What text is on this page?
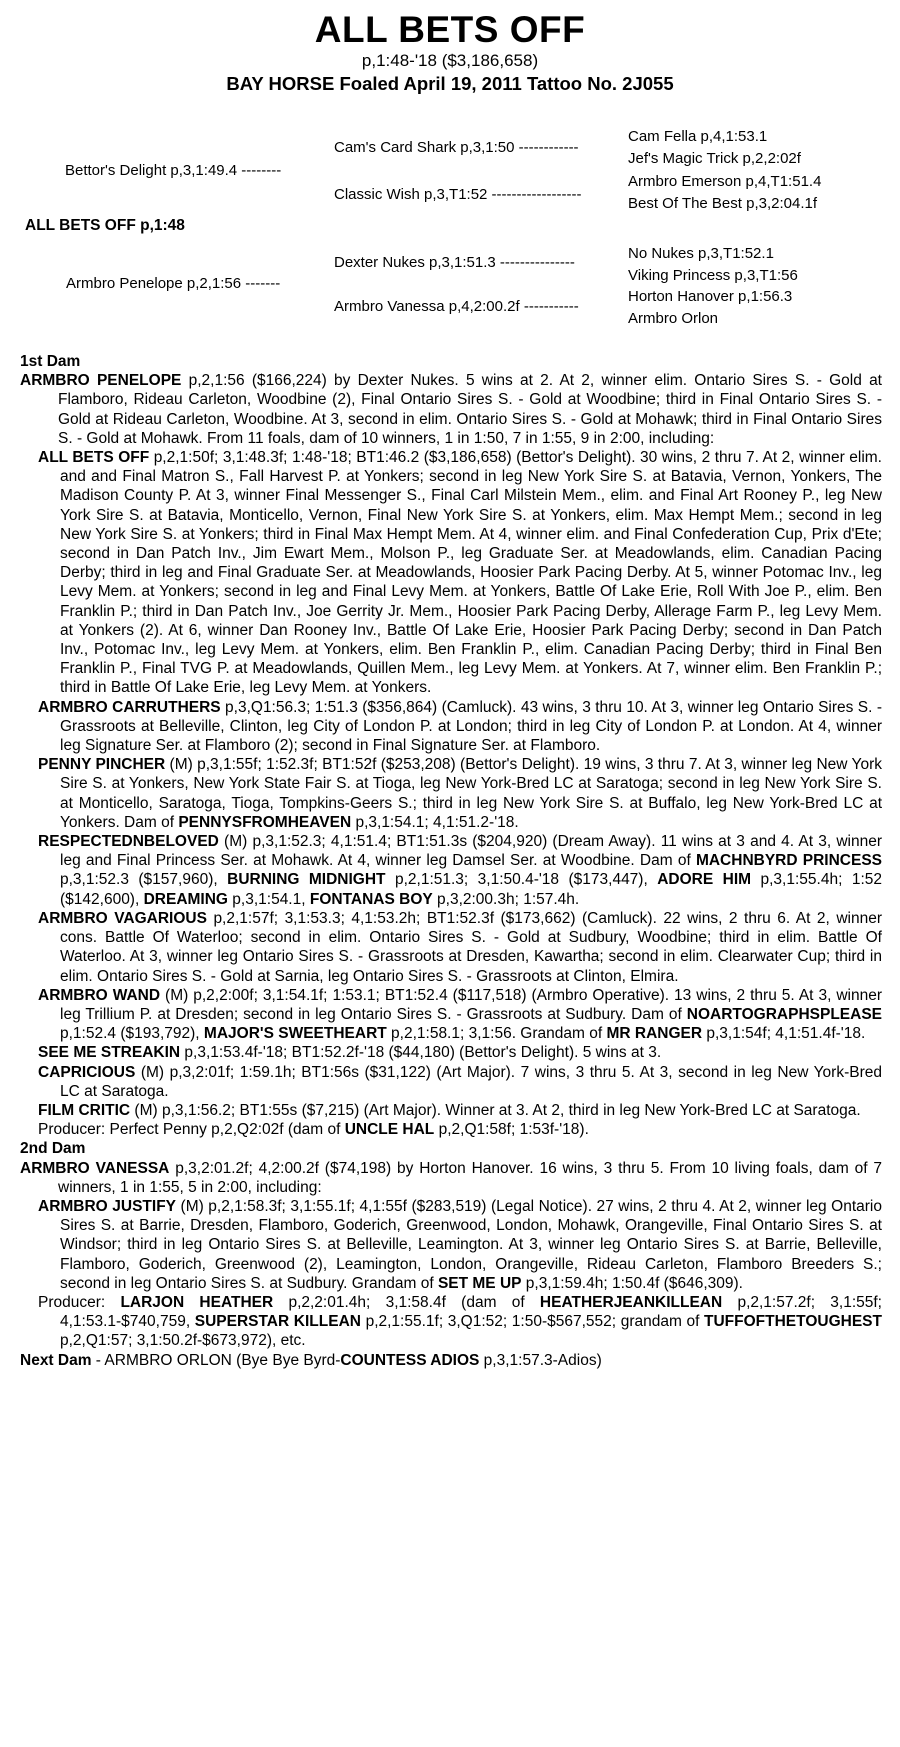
ALL BETS OFF
p,1:48-'18 ($3,186,658)
BAY HORSE Foaled April 19, 2011 Tattoo No. 2J055
ALL BETS OFF p,1:48
Bettor's Delight p,3,1:49.4 --------
Armbro Penelope p,2,1:56 -------
Cam's Card Shark p,3,1:50 ------------
Classic Wish p,3,T1:52 ------------------
Dexter Nukes p,3,1:51.3 ---------------
Armbro Vanessa p,4,2:00.2f -----------
Cam Fella p,4,1:53.1
Jef's Magic Trick p,2,2:02f
Armbro Emerson p,4,T1:51.4
Best Of The Best p,3,2:04.1f
No Nukes p,3,T1:52.1
Viking Princess p,3,T1:56
Horton Hanover p,1:56.3
Armbro Orlon

1st Dam

ARMBRO PENELOPE p,2,1:56 ($166,224) by Dexter Nukes. 5 wins at 2. At 2, winner elim. Ontario Sires S. - Gold at Flamboro, Rideau Carleton, Woodbine (2), Final Ontario Sires S. - Gold at Woodbine; third in Final Ontario Sires S. - Gold at Rideau Carleton, Woodbine. At 3, second in elim. Ontario Sires S. - Gold at Mohawk; third in Final Ontario Sires S. - Gold at Mohawk. From 11 foals, dam of 10 winners, 1 in 1:50, 7 in 1:55, 9 in 2:00, including:

ALL BETS OFF p,2,1:50f; 3,1:48.3f; 1:48-'18; BT1:46.2 ($3,186,658) (Bettor's Delight). 30 wins, 2 thru 7. At 2, winner elim. and and Final Matron S., Fall Harvest P. at Yonkers; second in leg New York Sire S. at Batavia, Vernon, Yonkers, The Madison County P. At 3, winner Final Messenger S., Final Carl Milstein Mem., elim. and Final Art Rooney P., leg New York Sire S. at Batavia, Monticello, Vernon, Final New York Sire S. at Yonkers, elim. Max Hempt Mem.; second in leg New York Sire S. at Yonkers; third in Final Max Hempt Mem. At 4, winner elim. and Final Confederation Cup, Prix d'Ete; second in Dan Patch Inv., Jim Ewart Mem., Molson P., leg Graduate Ser. at Meadowlands, elim. Canadian Pacing Derby; third in leg and Final Graduate Ser. at Meadowlands, Hoosier Park Pacing Derby. At 5, winner Potomac Inv., leg Levy Mem. at Yonkers; second in leg and Final Levy Mem. at Yonkers, Battle Of Lake Erie, Roll With Joe P., elim. Ben Franklin P.; third in Dan Patch Inv., Joe Gerrity Jr. Mem., Hoosier Park Pacing Derby, Allerage Farm P., leg Levy Mem. at Yonkers (2). At 6, winner Dan Rooney Inv., Battle Of Lake Erie, Hoosier Park Pacing Derby; second in Dan Patch Inv., Potomac Inv., leg Levy Mem. at Yonkers, elim. Ben Franklin P., elim. Canadian Pacing Derby; third in Final Ben Franklin P., Final TVG P. at Meadowlands, Quillen Mem., leg Levy Mem. at Yonkers. At 7, winner elim. Ben Franklin P.; third in Battle Of Lake Erie, leg Levy Mem. at Yonkers.

ARMBRO CARRUTHERS p,3,Q1:56.3; 1:51.3 ($356,864) (Camluck). 43 wins, 3 thru 10. At 3, winner leg Ontario Sires S. - Grassroots at Belleville, Clinton, leg City of London P. at London; third in leg City of London P. at London. At 4, winner leg Signature Ser. at Flamboro (2); second in Final Signature Ser. at Flamboro.

PENNY PINCHER (M) p,3,1:55f; 1:52.3f; BT1:52f ($253,208) (Bettor's Delight). 19 wins, 3 thru 7. At 3, winner leg New York Sire S. at Yonkers, New York State Fair S. at Tioga, leg New York-Bred LC at Saratoga; second in leg New York Sire S. at Monticello, Saratoga, Tioga, Tompkins-Geers S.; third in leg New York Sire S. at Buffalo, leg New York-Bred LC at Yonkers. Dam of PENNYSFROMHEAVEN p,3,1:54.1; 4,1:51.2-'18.

RESPECTEDNBELOVED (M) p,3,1:52.3; 4,1:51.4; BT1:51.3s ($204,920) (Dream Away). 11 wins at 3 and 4. At 3, winner leg and Final Princess Ser. at Mohawk. At 4, winner leg Damsel Ser. at Woodbine. Dam of MACHNBYRD PRINCESS p,3,1:52.3 ($157,960), BURNING MIDNIGHT p,2,1:51.3; 3,1:50.4-'18 ($173,447), ADORE HIM p,3,1:55.4h; 1:52 ($142,600), DREAMING p,3,1:54.1, FONTANAS BOY p,3,2:00.3h; 1:57.4h.

ARMBRO VAGARIOUS p,2,1:57f; 3,1:53.3; 4,1:53.2h; BT1:52.3f ($173,662) (Camluck). 22 wins, 2 thru 6. At 2, winner cons. Battle Of Waterloo; second in elim. Ontario Sires S. - Gold at Sudbury, Woodbine; third in elim. Battle Of Waterloo. At 3, winner leg Ontario Sires S. - Grassroots at Dresden, Kawartha; second in elim. Clearwater Cup; third in elim. Ontario Sires S. - Gold at Sarnia, leg Ontario Sires S. - Grassroots at Clinton, Elmira.

ARMBRO WAND (M) p,2,2:00f; 3,1:54.1f; 1:53.1; BT1:52.4 ($117,518) (Armbro Operative). 13 wins, 2 thru 5. At 3, winner leg Trillium P. at Dresden; second in leg Ontario Sires S. - Grassroots at Sudbury. Dam of NOARTOGRAPHSPLEASE p,1:52.4 ($193,792), MAJOR'S SWEETHEART p,2,1:58.1; 3,1:56. Grandam of MR RANGER p,3,1:54f; 4,1:51.4f-'18.

SEE ME STREAKIN p,3,1:53.4f-'18; BT1:52.2f-'18 ($44,180) (Bettor's Delight). 5 wins at 3.

CAPRICIOUS (M) p,3,2:01f; 1:59.1h; BT1:56s ($31,122) (Art Major). 7 wins, 3 thru 5. At 3, second in leg New York-Bred LC at Saratoga.

FILM CRITIC (M) p,3,1:56.2; BT1:55s ($7,215) (Art Major). Winner at 3. At 2, third in leg New York-Bred LC at Saratoga.

Producer: Perfect Penny p,2,Q2:02f (dam of UNCLE HAL p,2,Q1:58f; 1:53f-'18).

2nd Dam

ARMBRO VANESSA p,3,2:01.2f; 4,2:00.2f ($74,198) by Horton Hanover. 16 wins, 3 thru 5. From 10 living foals, dam of 7 winners, 1 in 1:55, 5 in 2:00, including:

ARMBRO JUSTIFY (M) p,2,1:58.3f; 3,1:55.1f; 4,1:55f ($283,519) (Legal Notice). 27 wins, 2 thru 4. At 2, winner leg Ontario Sires S. at Barrie, Dresden, Flamboro, Goderich, Greenwood, London, Mohawk, Orangeville, Final Ontario Sires S. at Windsor; third in leg Ontario Sires S. at Belleville, Leamington. At 3, winner leg Ontario Sires S. at Barrie, Belleville, Flamboro, Goderich, Greenwood (2), Leamington, London, Orangeville, Rideau Carleton, Flamboro Breeders S.; second in leg Ontario Sires S. at Sudbury. Grandam of SET ME UP p,3,1:59.4h; 1:50.4f ($646,309).

Producer: LARJON HEATHER p,2,2:01.4h; 3,1:58.4f (dam of HEATHERJEANKILLEAN p,2,1:57.2f; 3,1:55f; 4,1:53.1-$740,759, SUPERSTAR KILLEAN p,2,1:55.1f; 3,Q1:52; 1:50-$567,552; grandam of TUFFOFTHETOUGHEST p,2,Q1:57; 3,1:50.2f-$673,972), etc.

Next Dam - ARMBRO ORLON (Bye Bye Byrd-COUNTESS ADIOS p,3,1:57.3-Adios)
